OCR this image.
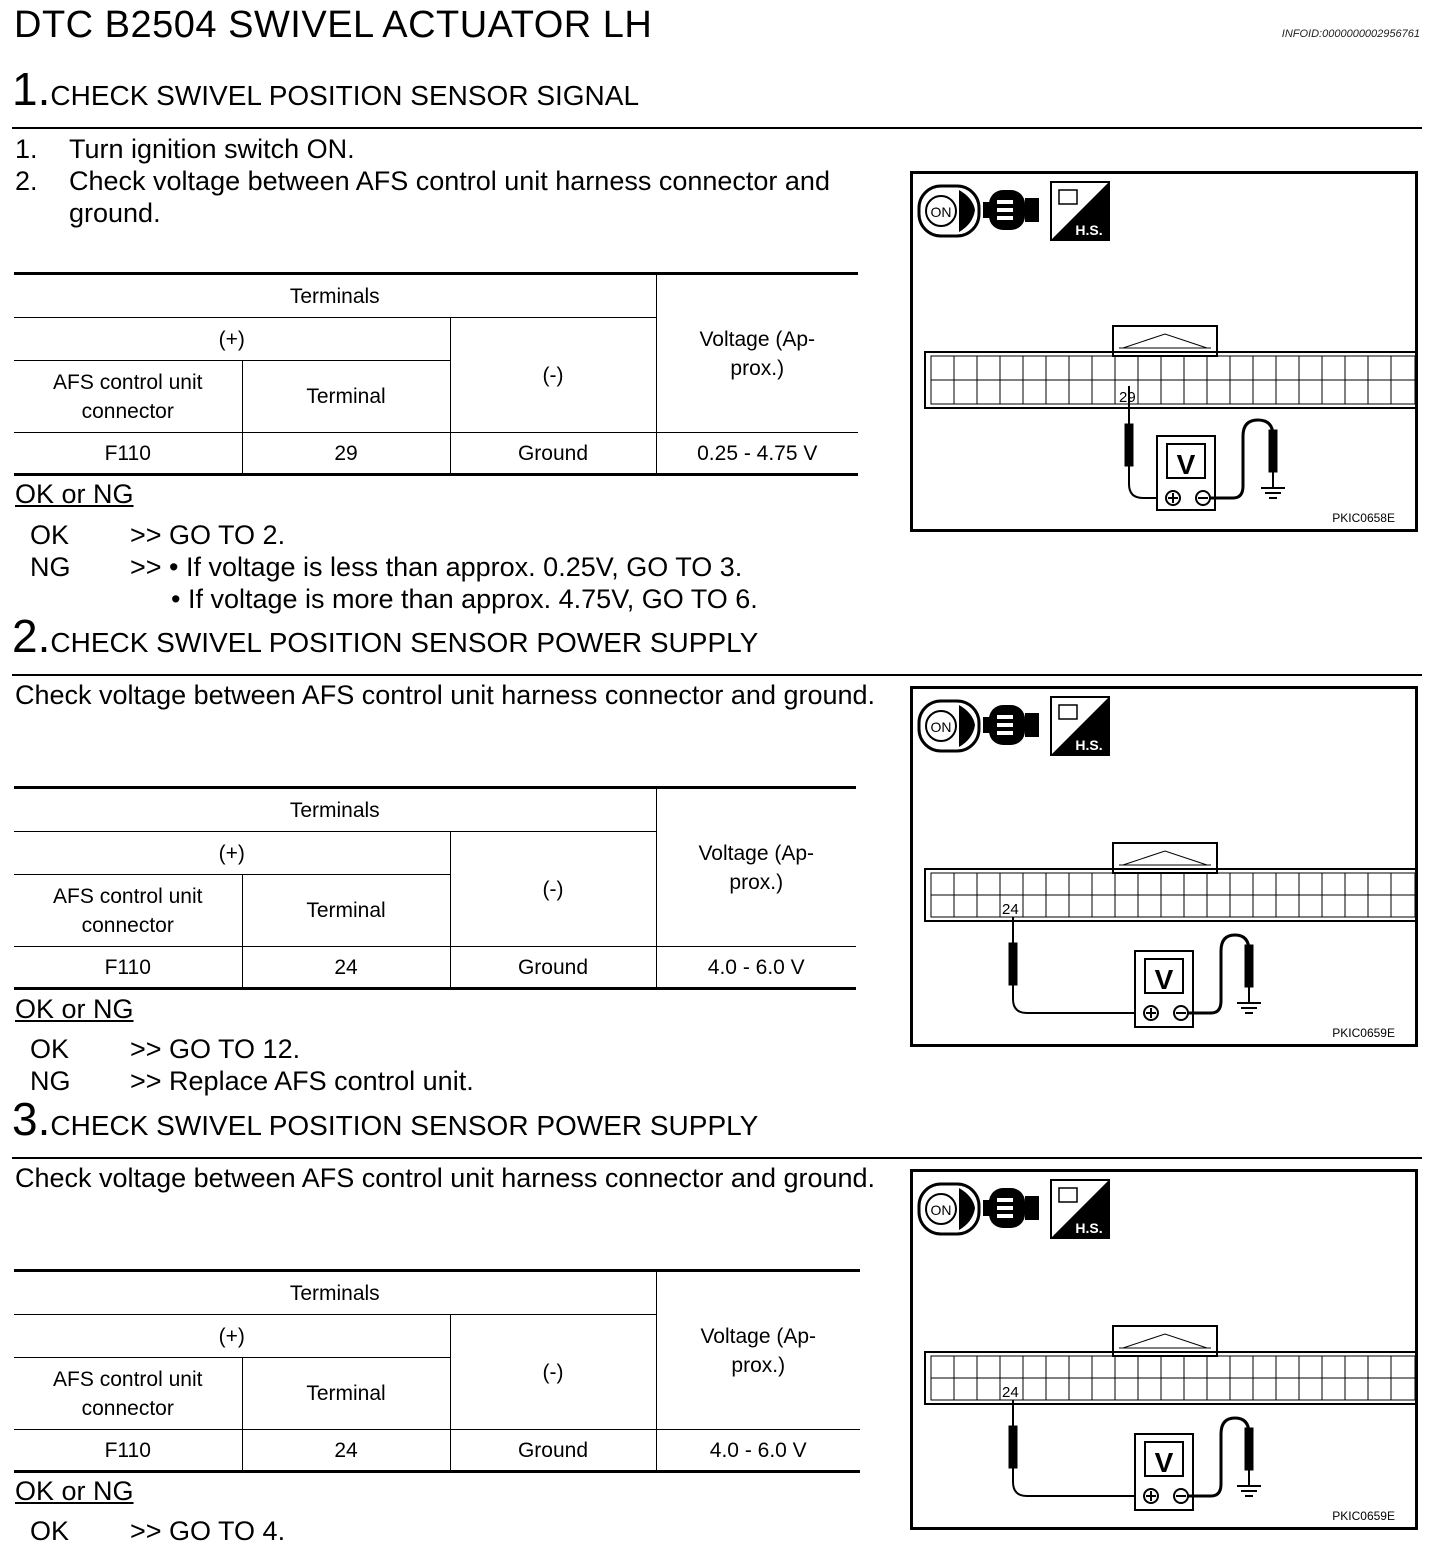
DTC B2504 SWIVEL ACTUATOR LH	INFOID:0000000002956761
1.CHECK SWIVEL POSITION SENSOR SIGNAL
1. Turn ignition switch ON.
2. Check voltage between AFS control unit harness connector and
ground.
Terminals			Voltage (Ap-prox.)
(+)		(-)	
AFS control unit connector	Terminal		
F110	29	Ground	0.25 - 4.75 V
OK or NG
OK >> GO TO 2.
NG >> • If voltage is less than approx. 0.25V, GO TO 3.
• If voltage is more than approx. 4.75V, GO TO 6.
ON
H.S.
29
V
PKIC0658E
2.CHECK SWIVEL POSITION SENSOR POWER SUPPLY
Check voltage between AFS control unit harness connector and ground.
Terminals			Voltage (Ap-prox.)
(+)		(-)	
AFS control unit connector	Terminal		
F110	24	Ground	4.0 - 6.0 V
OK or NG
OK >> GO TO 12.
NG >> Replace AFS control unit.
ON
H.S.
24
V
PKIC0659E
3.CHECK SWIVEL POSITION SENSOR POWER SUPPLY
Check voltage between AFS control unit harness connector and ground.
Terminals			Voltage (Ap-prox.)
(+)		(-)	
AFS control unit connector	Terminal		
F110	24	Ground	4.0 - 6.0 V
OK or NG
OK >> GO TO 4.
ON
H.S.
24
V
PKIC0659E
